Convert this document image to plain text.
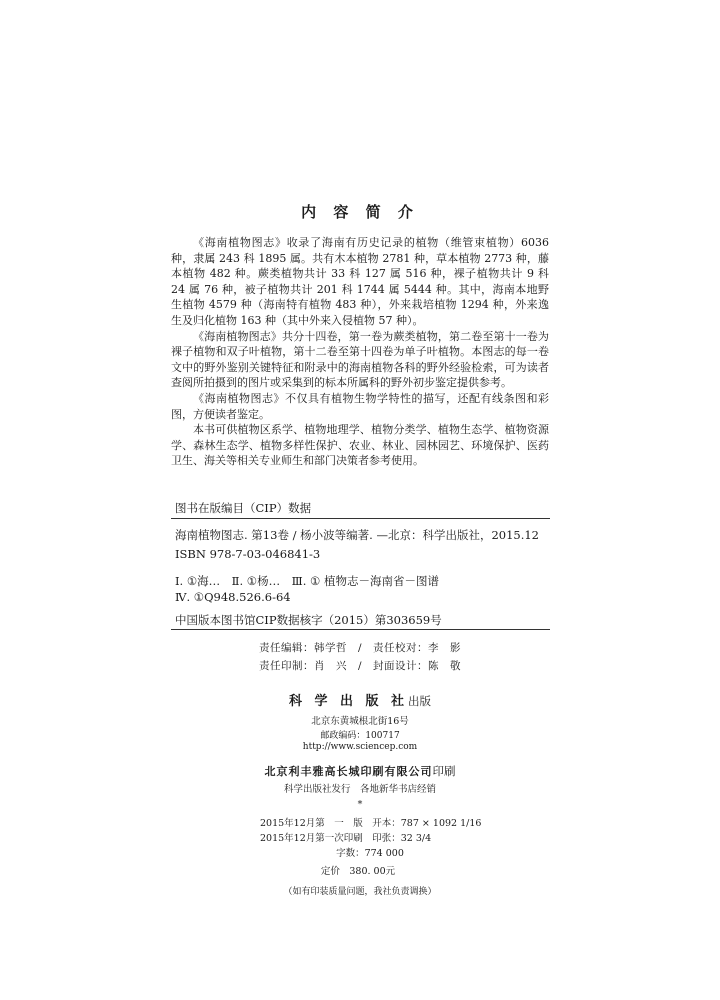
内 容 简 介

《海南植物图志》收录了海南有历史记录的植物（维管束植物）6036种，隶属 243 科 1895 属。共有木本植物 2781 种，草本植物 2773 种，藤本植物 482 种。蕨类植物共计 33 科 127 属 516 种，裸子植物共计 9 科 24 属 76 种，被子植物共计 201 科 1744 属 5444 种。其中，海南本地野生植物 4579 种（海南特有植物 483 种），外来栽培植物 1294 种，外来逸生及归化植物 163 种（其中外来入侵植物 57 种）。

《海南植物图志》共分十四卷，第一卷为蕨类植物，第二卷至第十一卷为裸子植物和双子叶植物，第十二卷至第十四卷为单子叶植物。本图志的每一卷文中的野外鉴别关键特征和附录中的海南植物各科的野外经验检索，可为读者查阅所拍摄到的图片或采集到的标本所属科的野外初步鉴定提供参考。

《海南植物图志》不仅具有植物生物学特性的描写，还配有线条图和彩图，方便读者鉴定。

本书可供植物区系学、植物地理学、植物分类学、植物生态学、植物资源学、森林生态学、植物多样性保护、农业、林业、园林园艺、环境保护、医药卫生、海关等相关专业师生和部门决策者参考使用。

图书在版编目（CIP）数据
海南植物图志. 第13卷 / 杨小波等编著. —北京：科学出版社，2015.12
ISBN 978-7-03-046841-3
Ⅰ. ①海…　Ⅱ. ①杨…　Ⅲ. ① 植物志－海南省－图谱
Ⅳ. ①Q948.526.6-64
中国版本图书馆CIP数据核字（2015）第303659号
责任编辑：韩学哲　/　责任校对：李　影
责任印制：肖　兴　/　封面设计：陈　敬
科 学 出 版 社出版
北京东黄城根北街16号
邮政编码：100717
http://www.sciencep.com
北京利丰雅高长城印刷有限公司印刷
科学出版社发行　各地新华书店经销
*
2015年12月第　一　版　开本：787 × 1092 1/16
2015年12月第一次印刷　印张：32 3/4
字数：774 000
定价　380. 00元
（如有印装质量问题，我社负责调换）
